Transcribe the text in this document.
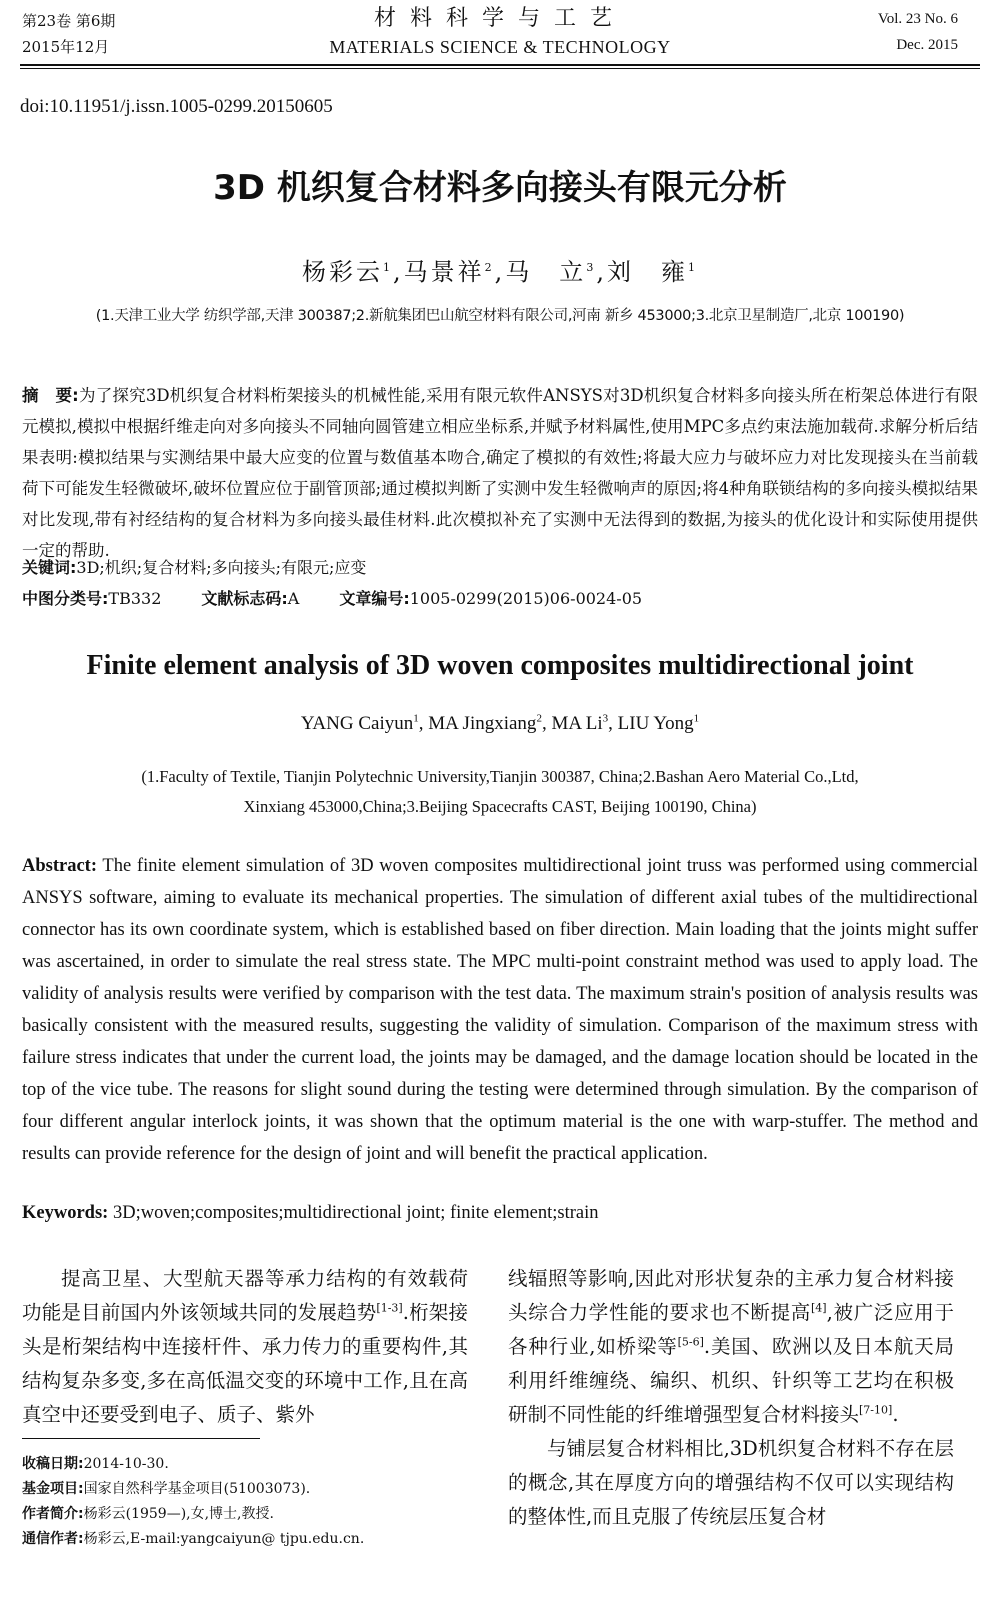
第23卷 第6期
2015年12月
材料科学与工艺
MATERIALS SCIENCE & TECHNOLOGY
Vol. 23 No. 6
Dec. 2015
doi:10.11951/j.issn.1005-0299.20150605
3D 机织复合材料多向接头有限元分析
杨彩云$^1$,马景祥$^2$,马　立$^3$,刘　雍$^1$
(1.天津工业大学 纺织学部,天津 300387;2.新航集团巴山航空材料有限公司,河南 新乡 453000;3.北京卫星制造厂,北京 100190)
摘　要:为了探究3D机织复合材料桁架接头的机械性能,采用有限元软件ANSYS对3D机织复合材料多向接头所在桁架总体进行有限元模拟,模拟中根据纤维走向对多向接头不同轴向圆管建立相应坐标系,并赋予材料属性,使用MPC多点约束法施加载荷.求解分析后结果表明:模拟结果与实测结果中最大应变的位置与数值基本吻合,确定了模拟的有效性;将最大应力与破坏应力对比发现接头在当前载荷下可能发生轻微破坏,破坏位置应位于副管顶部;通过模拟判断了实测中发生轻微响声的原因;将4种角联锁结构的多向接头模拟结果对比发现,带有衬经结构的复合材料为多向接头最佳材料.此次模拟补充了实测中无法得到的数据,为接头的优化设计和实际使用提供一定的帮助.
关键词:3D;机织;复合材料;多向接头;有限元;应变
中图分类号:TB332	文献标志码:A	文章编号:1005-0299(2015)06-0024-05
Finite element analysis of 3D woven composites multidirectional joint
YANG Caiyun$^1$, MA Jingxiang$^2$, MA Li$^3$, LIU Yong$^1$
(1.Faculty of Textile, Tianjin Polytechnic University,Tianjin 300387, China;2.Bashan Aero Material Co.,Ltd, Xinxiang 453000,China;3.Beijing Spacecrafts CAST, Beijing 100190, China)
Abstract: The finite element simulation of 3D woven composites multidirectional joint truss was performed using commercial ANSYS software, aiming to evaluate its mechanical properties. The simulation of different axial tubes of the multidirectional connector has its own coordinate system, which is established based on fiber direction. Main loading that the joints might suffer was ascertained, in order to simulate the real stress state. The MPC multi-point constraint method was used to apply load. The validity of analysis results were verified by comparison with the test data. The maximum strain's position of analysis results was basically consistent with the measured results, suggesting the validity of simulation. Comparison of the maximum stress with failure stress indicates that under the current load, the joints may be damaged, and the damage location should be located in the top of the vice tube. The reasons for slight sound during the testing were determined through simulation. By the comparison of four different angular interlock joints, it was shown that the optimum material is the one with warp-stuffer. The method and results can provide reference for the design of joint and will benefit the practical application.
Keywords: 3D;woven;composites;multidirectional joint; finite element;strain

提高卫星、大型航天器等承力结构的有效载荷功能是目前国内外该领域共同的发展趋势[1-3].桁架接头是桁架结构中连接杆件、承力传力的重要构件,其结构复杂多变,多在高低温交变的环境中工作,且在高真空中还要受到电子、质子、紫外

线辐照等影响,因此对形状复杂的主承力复合材料接头综合力学性能的要求也不断提高[4],被广泛应用于各种行业,如桥梁等[5-6].美国、欧洲以及日本航天局利用纤维缠绕、编织、机织、针织等工艺均在积极研制不同性能的纤维增强型复合材料接头[7-10].

与铺层复合材料相比,3D机织复合材料不存在层的概念,其在厚度方向的增强结构不仅可以实现结构的整体性,而且克服了传统层压复合材

收稿日期:2014-10-30.
基金项目:国家自然科学基金项目(51003073).
作者简介:杨彩云(1959—),女,博士,教授.
通信作者:杨彩云,E-mail:yangcaiyun@ tjpu.edu.cn.
